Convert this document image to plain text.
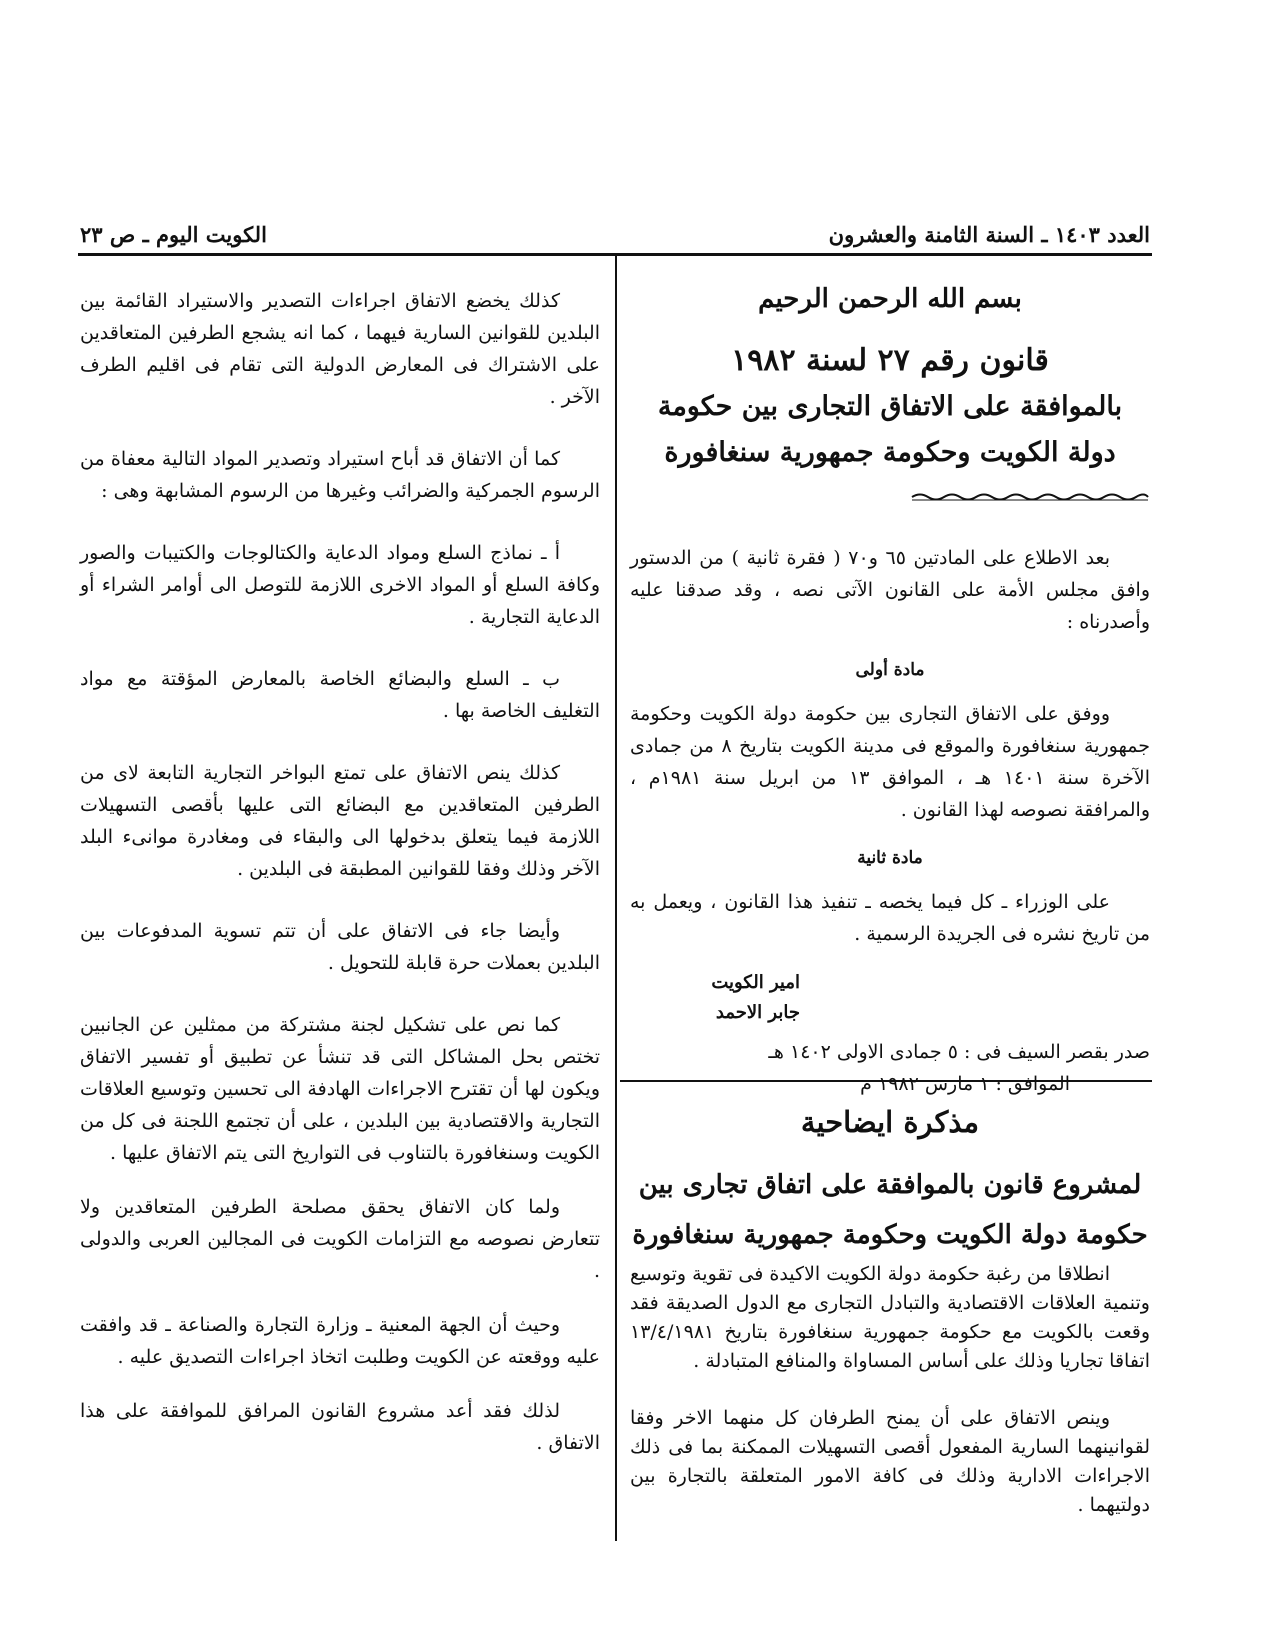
العدد ١٤٠٣ ـ السنة الثامنة والعشرون
الكويت اليوم ـ ص ٢٣

بسم الله الرحمن الرحيم

قانون رقم ٢٧ لسنة ١٩٨٢

بالموافقة على الاتفاق التجارى بين حكومة دولة الكويت وحكومة جمهورية سنغافورة

بعد الاطلاع على المادتين ٦٥ و٧٠ ( فقرة ثانية ) من الدستور وافق مجلس الأمة على القانون الآتى نصه ، وقد صدقنا عليه وأصدرناه :

مادة أولى

ووفق على الاتفاق التجارى بين حكومة دولة الكويت وحكومة جمهورية سنغافورة والموقع فى مدينة الكويت بتاريخ ٨ من جمادى الآخرة سنة ١٤٠١ هـ ، الموافق ١٣ من ابريل سنة ١٩٨١م ، والمرافقة نصوصه لهذا القانون .

مادة ثانية

على الوزراء ـ كل فيما يخصه ـ تنفيذ هذا القانون ، ويعمل به من تاريخ نشره فى الجريدة الرسمية .

امير الكويت

جابر الاحمد

صدر بقصر السيف فى : ٥ جمادى الاولى ١٤٠٢ هـ

الموافق : ١ مارس ١٩٨٢ م

مذكرة ايضاحية

لمشروع قانون بالموافقة على اتفاق تجارى بين حكومة دولة الكويت وحكومة جمهورية سنغافورة

انطلاقا من رغبة حكومة دولة الكويت الاكيدة فى تقوية وتوسيع وتنمية العلاقات الاقتصادية والتبادل التجارى مع الدول الصديقة فقد وقعت بالكويت مع حكومة جمهورية سنغافورة بتاريخ ١٣/٤/١٩٨١ اتفاقا تجاريا وذلك على أساس المساواة والمنافع المتبادلة .

وينص الاتفاق على أن يمنح الطرفان كل منهما الاخر وفقا لقوانينهما السارية المفعول أقصى التسهيلات الممكنة بما فى ذلك الاجراءات الادارية وذلك فى كافة الامور المتعلقة بالتجارة بين دولتيهما .

كذلك يخضع الاتفاق اجراءات التصدير والاستيراد القائمة بين البلدين للقوانين السارية فيهما ، كما انه يشجع الطرفين المتعاقدين على الاشتراك فى المعارض الدولية التى تقام فى اقليم الطرف الآخر .

كما أن الاتفاق قد أباح استيراد وتصدير المواد التالية معفاة من الرسوم الجمركية والضرائب وغيرها من الرسوم المشابهة وهى :

أ ـ نماذج السلع ومواد الدعاية والكتالوجات والكتيبات والصور وكافة السلع أو المواد الاخرى اللازمة للتوصل الى أوامر الشراء أو الدعاية التجارية .

ب ـ السلع والبضائع الخاصة بالمعارض المؤقتة مع مواد التغليف الخاصة بها .

كذلك ينص الاتفاق على تمتع البواخر التجارية التابعة لاى من الطرفين المتعاقدين مع البضائع التى عليها بأقصى التسهيلات اللازمة فيما يتعلق بدخولها الى والبقاء فى ومغادرة موانىء البلد الآخر وذلك وفقا للقوانين المطبقة فى البلدين .

وأيضا جاء فى الاتفاق على أن تتم تسوية المدفوعات بين البلدين بعملات حرة قابلة للتحويل .

كما نص على تشكيل لجنة مشتركة من ممثلين عن الجانبين تختص بحل المشاكل التى قد تنشأ عن تطبيق أو تفسير الاتفاق ويكون لها أن تقترح الاجراءات الهادفة الى تحسين وتوسيع العلاقات التجارية والاقتصادية بين البلدين ، على أن تجتمع اللجنة فى كل من الكويت وسنغافورة بالتناوب فى التواريخ التى يتم الاتفاق عليها .

ولما كان الاتفاق يحقق مصلحة الطرفين المتعاقدين ولا تتعارض نصوصه مع التزامات الكويت فى المجالين العربى والدولى .

وحيث أن الجهة المعنية ـ وزارة التجارة والصناعة ـ قد وافقت عليه ووقعته عن الكويت وطلبت اتخاذ اجراءات التصديق عليه .

لذلك فقد أعد مشروع القانون المرافق للموافقة على هذا الاتفاق .
